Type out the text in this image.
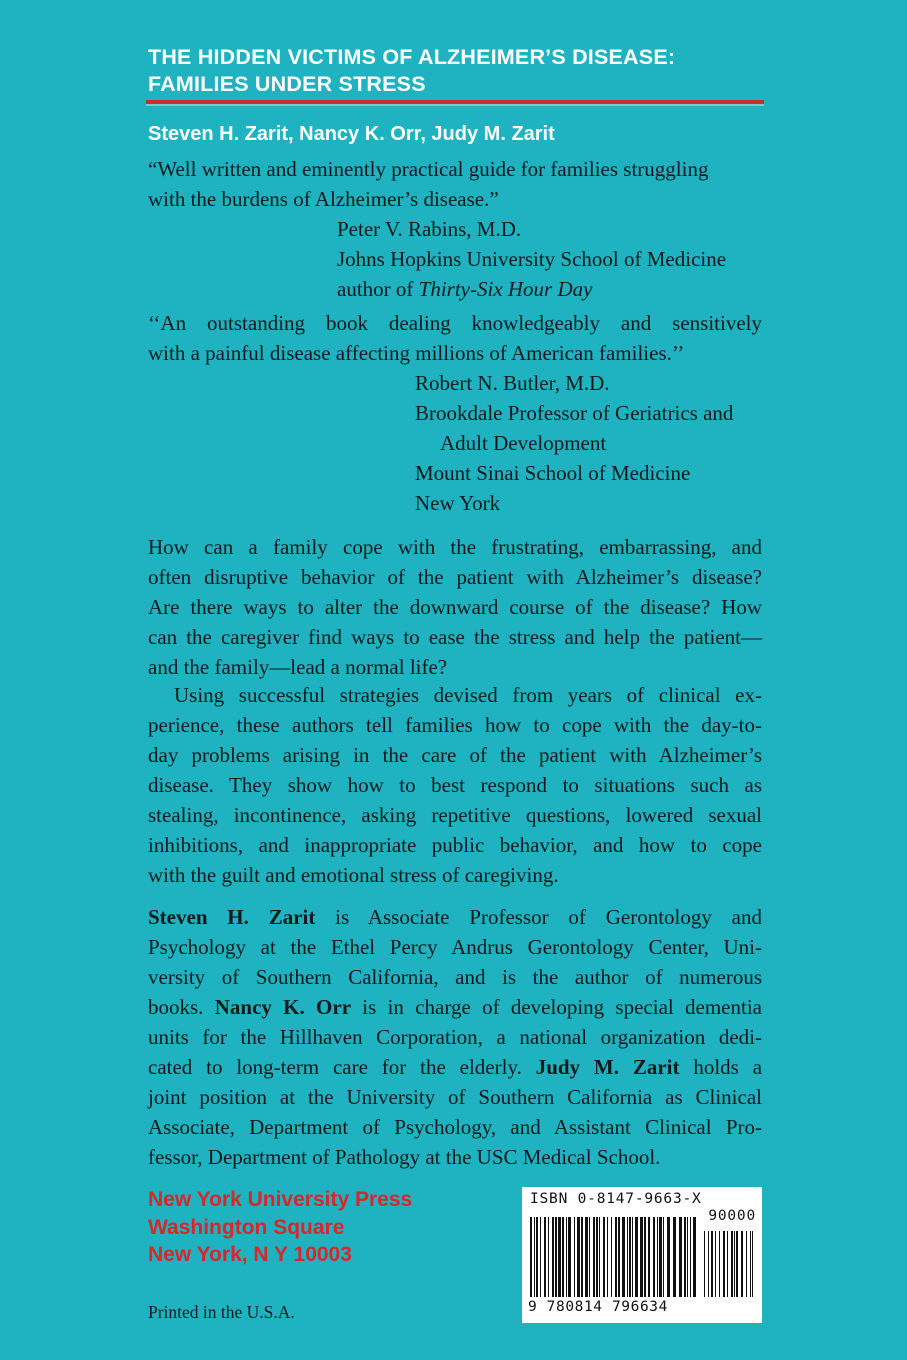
THE HIDDEN VICTIMS OF ALZHEIMER’S DISEASE:
FAMILIES UNDER STRESS
Steven H. Zarit, Nancy K. Orr, Judy M. Zarit
“Well written and eminently practical guide for families struggling
with the burdens of Alzheimer’s disease.”
Peter V. Rabins, M.D.
Johns Hopkins University School of Medicine
author of Thirty-Six Hour Day
‘‘An outstanding book dealing knowledgeably and sensitively
with a painful disease affecting millions of American families.’’
Robert N. Butler, M.D.
Brookdale Professor of Geriatrics and
Adult Development
Mount Sinai School of Medicine
New York
How can a family cope with the frustrating, embarrassing, and
often disruptive behavior of the patient with Alzheimer’s disease?
Are there ways to alter the downward course of the disease? How
can the caregiver find ways to ease the stress and help the patient—
and the family—lead a normal life?
Using successful strategies devised from years of clinical ex-
perience, these authors tell families how to cope with the day-to-
day problems arising in the care of the patient with Alzheimer’s
disease. They show how to best respond to situations such as
stealing, incontinence, asking repetitive questions, lowered sexual
inhibitions, and inappropriate public behavior, and how to cope
with the guilt and emotional stress of caregiving.
Steven H. Zarit is Associate Professor of Gerontology and
Psychology at the Ethel Percy Andrus Gerontology Center, Uni-
versity of Southern California, and is the author of numerous
books. Nancy K. Orr is in charge of developing special dementia
units for the Hillhaven Corporation, a national organization dedi-
cated to long-term care for the elderly. Judy M. Zarit holds a
joint position at the University of Southern California as Clinical
Associate, Department of Psychology, and Assistant Clinical Pro-
fessor, Department of Pathology at the USC Medical School.
New York University Press
Washington Square
New York, N Y 10003
Printed in the U.S.A.
ISBN 0-8147-9663-X
90000
9 780814 796634
